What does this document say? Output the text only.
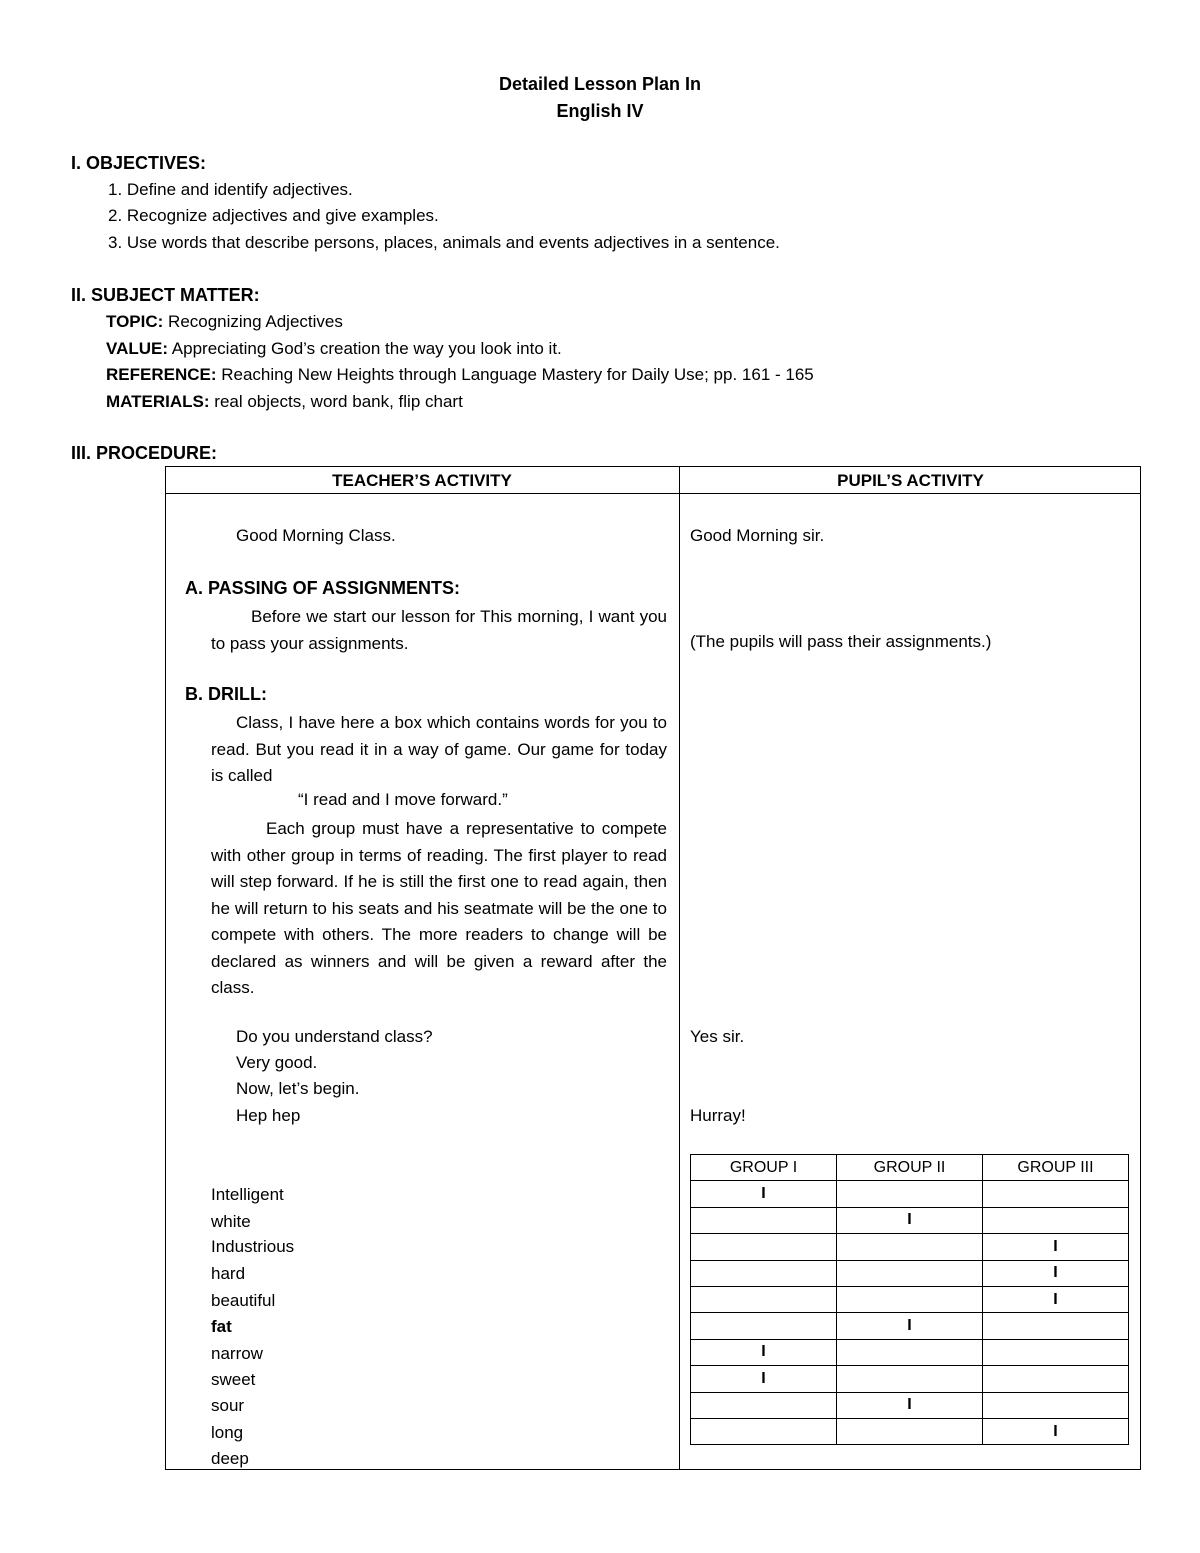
Detailed Lesson Plan In
English IV
I. OBJECTIVES:
1. Define and identify adjectives.
2. Recognize adjectives and give examples.
3. Use words that describe persons, places, animals and events adjectives in a sentence.
II. SUBJECT MATTER:
TOPIC: Recognizing Adjectives
VALUE: Appreciating God’s creation the way you look into it.
REFERENCE: Reaching New Heights through Language Mastery for Daily Use; pp. 161 - 165
MATERIALS: real objects, word bank, flip chart
III. PROCEDURE:
TEACHER’S ACTIVITY	PUPIL’S ACTIVITY
Good Morning Class.	Good Morning sir.
A. PASSING OF ASSIGNMENTS:
Before we start our lesson for This morning, I want you to pass your assignments.	(The pupils will pass their assignments.)
B. DRILL:
Class, I have here a box which contains words for you to read. But you read it in a way of game. Our game for today is called
“I read and I move forward.”
Each group must have a representative to compete with other group in terms of reading. The first player to read will step forward. If he is still the first one to read again, then he will return to his seats and his seatmate will be the one to compete with others. The more readers to change will be declared as winners and will be given a reward after the class.
Do you understand class?	Yes sir.
Very good.
Now, let’s begin.
Hep hep	Hurray!
Intelligent
white
Industrious
hard
beautiful
fat
narrow
sweet
sour
long
deep
GROUP I	GROUP II	GROUP III
I		
	I	
		I
		I
		I
	I	
I		
I		
	I	
		I
